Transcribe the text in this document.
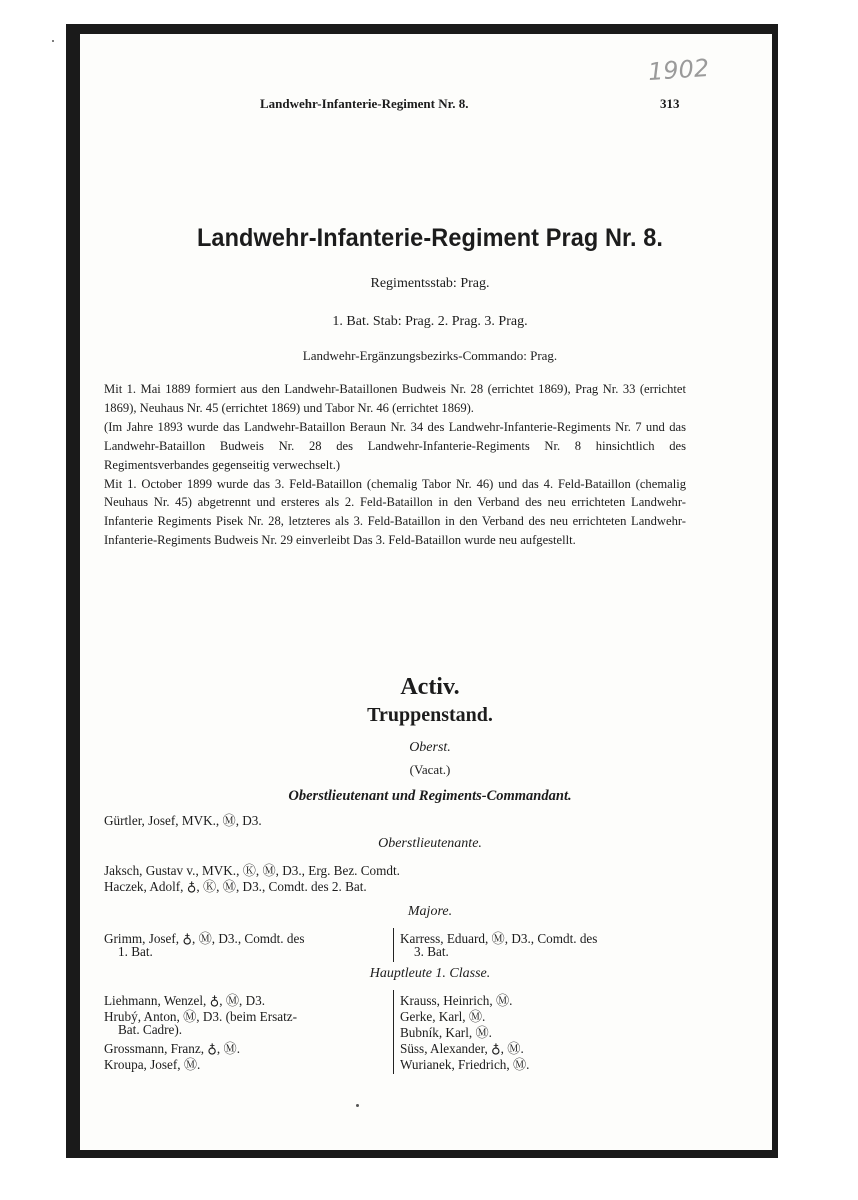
1902
Landwehr-Infanterie-Regiment Nr. 8.	313
Landwehr-Infanterie-Regiment Prag Nr. 8.
Regimentsstab: Prag.
1. Bat. Stab: Prag. 2. Prag. 3. Prag.
Landwehr-Ergänzungsbezirks-Commando: Prag.

Mit 1. Mai 1889 formiert aus den Landwehr-Bataillonen Budweis Nr. 28 (errichtet 1869), Prag Nr. 33 (errichtet 1869), Neuhaus Nr. 45 (errichtet 1869) und Tabor Nr. 46 (errichtet 1869).

(Im Jahre 1893 wurde das Landwehr-Bataillon Beraun Nr. 34 des Landwehr-Infanterie-Regiments Nr. 7 und das Landwehr-Bataillon Budweis Nr. 28 des Landwehr-Infanterie-Regiments Nr. 8 hinsichtlich des Regimentsverbandes gegenseitig verwechselt.)

Mit 1. October 1899 wurde das 3. Feld-Bataillon (chemalig Tabor Nr. 46) und das 4. Feld-Bataillon (chemalig Neuhaus Nr. 45) abgetrennt und ersteres als 2. Feld-Bataillon in den Verband des neu errichteten Landwehr-Infanterie Regiments Pisek Nr. 28, letzteres als 3. Feld-Bataillon in den Verband des neu errichteten Landwehr-Infanterie-Regiments Budweis Nr. 29 einverleibt Das 3. Feld-Bataillon wurde neu aufgestellt.

Activ.
Truppenstand.
Oberst.
(Vacat.)
Oberstlieutenant und Regiments-Commandant.
Gürtler, Josef, MVK., Ⓜ, D3.
Oberstlieutenante.
Jaksch, Gustav v., MVK., Ⓚ, Ⓜ, D3., Erg. Bez. Comdt.
Haczek, Adolf, ♁, Ⓚ, Ⓜ, D3., Comdt. des 2. Bat.
Majore.
Grimm, Josef, ♁, Ⓜ, D3., Comdt. des
1. Bat.
Karress, Eduard, Ⓜ, D3., Comdt. des
3. Bat.
Hauptleute 1. Classe.
Liehmann, Wenzel, ♁, Ⓜ, D3.
Hrubý, Anton, Ⓜ, D3. (beim Ersatz-
Bat. Cadre).
Grossmann, Franz, ♁, Ⓜ.
Kroupa, Josef, Ⓜ.
Krauss, Heinrich, Ⓜ.
Gerke, Karl, Ⓜ.
Bubník, Karl, Ⓜ.
Süss, Alexander, ♁, Ⓜ.
Wurianek, Friedrich, Ⓜ.
